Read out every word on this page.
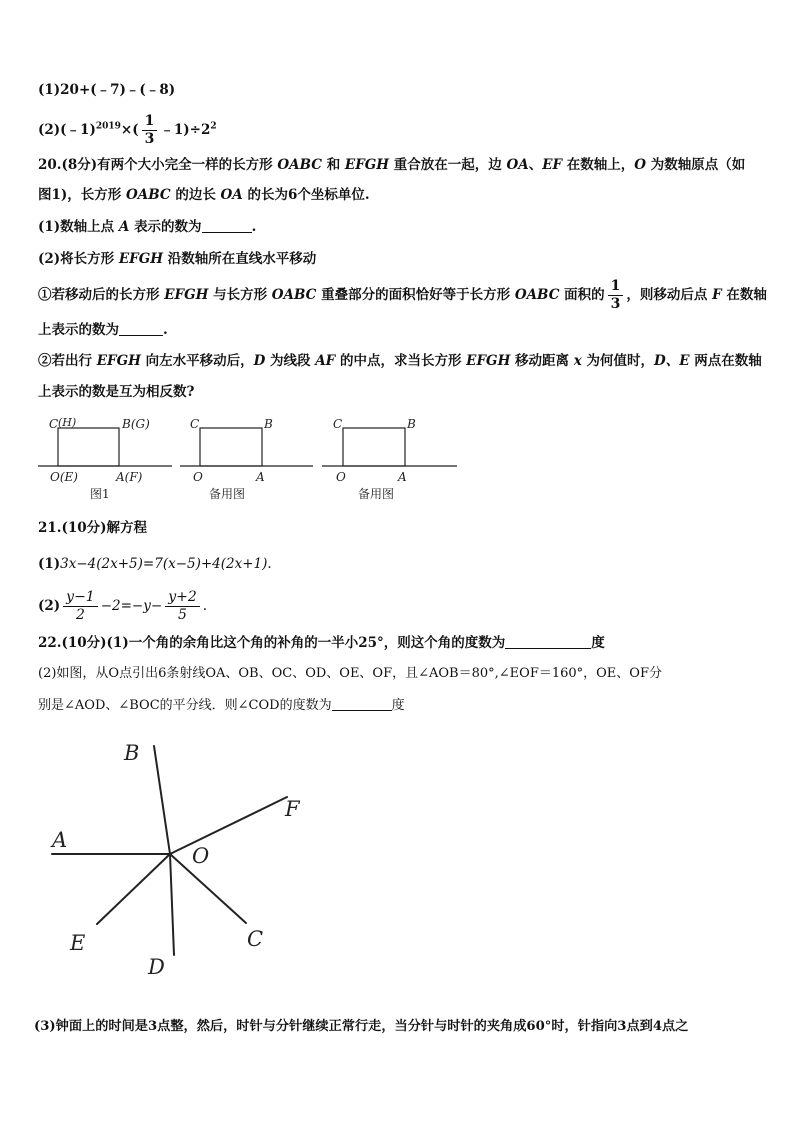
(1)20+(﹣7)﹣(﹣8)
(2)(﹣1)$^{2019}$×( $\frac{1}{3}$ $﹣1)\div 2^2$
20.(8分)有两个大小完全一样的长方形 OABC 和 EFGH 重合放在一起，边 OA、EF 在数轴上，O 为数轴原点（如
图1)，长方形 OABC 的边长 OA 的长为6个坐标单位.
(1)数轴上点 A 表示的数为	.
(2)将长方形 EFGH 沿数轴所在直线水平移动
①若移动后的长方形 EFGH 与长方形 OABC 重叠部分的面积恰好等于长方形 OABC 面积的 $\frac{1}{3}$ ，则移动后点 F 在数轴
上表示的数为	.
②若出行 EFGH 向左水平移动后，D 为线段 AF 的中点，求当长方形 EFGH 移动距离 x 为何值时，D、E 两点在数轴
上表示的数是互为相反数?
C (H)	B(G)
O(E)	A(F)
C	B
O	A
C	B
O	A
图1	备用图	备用图
21.(10分)解方程
(1)3x−4(2x+5)=7(x−5)+4(2x+1).
$(2) \frac{y-1}{2} -2=-y- \frac{y+2}{5}$ .
22.(10分)(1)一个角的余角比这个角的补角的一半小25°，则这个角的度数为	度
(2)如图，从O点引出6条射线OA、OB、OC、OD、OE、OF，且∠AOB＝80°,∠EOF＝160°，OE、OF分
别是∠AOD、∠BOC的平分线．则∠COD的度数为	度
B
F
A
O
E	C
D
(3)钟面上的时间是3点整，然后，时针与分针继续正常行走，当分针与时针的夹角成60°时，针指向3点到4点之
